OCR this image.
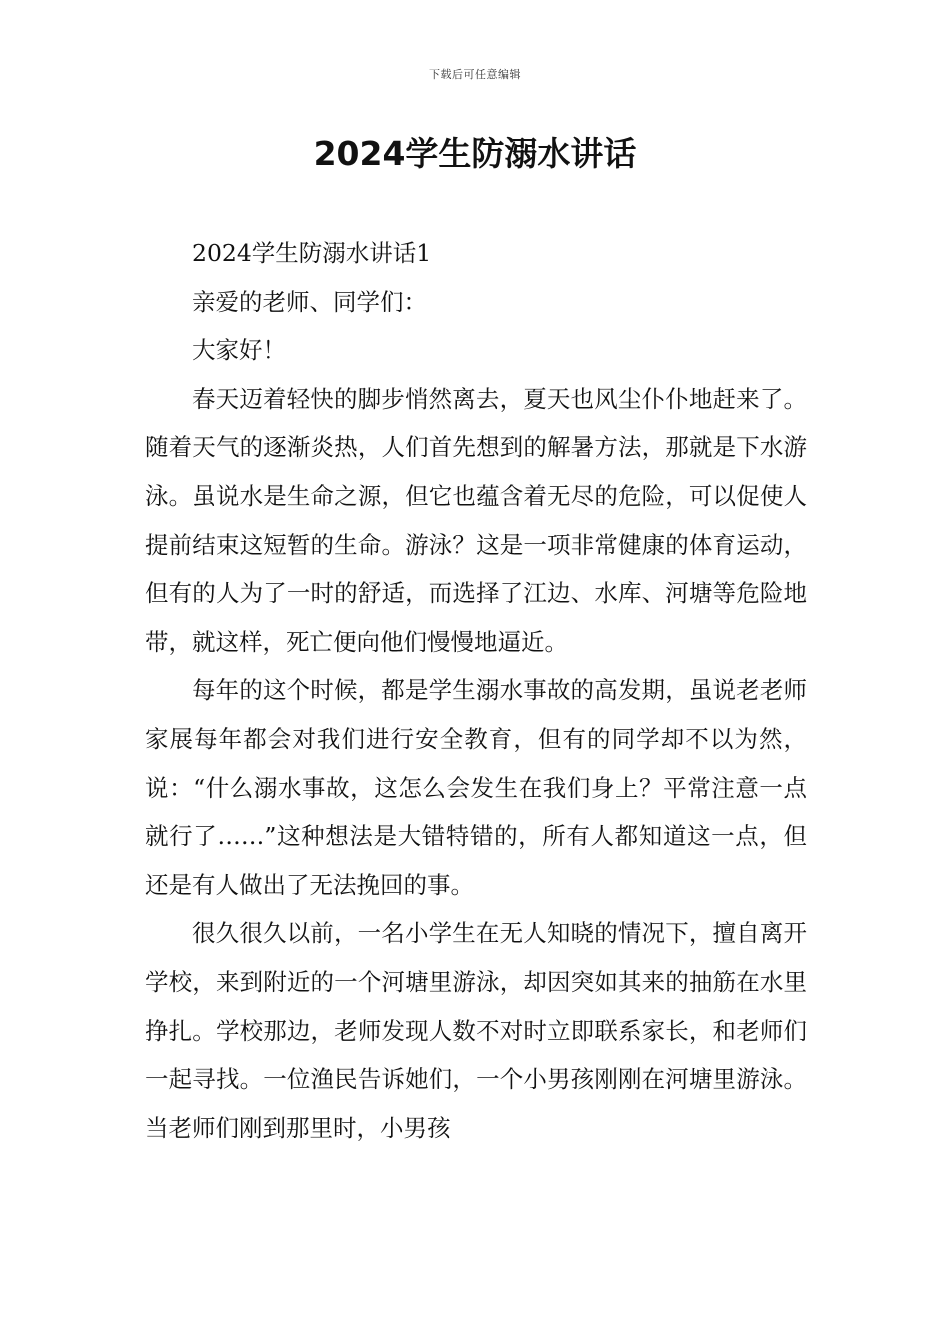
下载后可任意编辑
2024学生防溺水讲话

2024学生防溺水讲话1

亲爱的老师、同学们：

大家好！

春天迈着轻快的脚步悄然离去，夏天也风尘仆仆地赶来了。随着天气的逐渐炎热，人们首先想到的解暑方法，那就是下水游泳。虽说水是生命之源，但它也蕴含着无尽的危险，可以促使人提前结束这短暂的生命。游泳？这是一项非常健康的体育运动，但有的人为了一时的舒适，而选择了江边、水库、河塘等危险地带，就这样，死亡便向他们慢慢地逼近。

每年的这个时候，都是学生溺水事故的高发期，虽说老老师家展每年都会对我们进行安全教育，但有的同学却不以为然，说：“什么溺水事故，这怎么会发生在我们身上？平常注意一点就行了……”这种想法是大错特错的，所有人都知道这一点，但还是有人做出了无法挽回的事。

很久很久以前，一名小学生在无人知晓的情况下，擅自离开学校，来到附近的一个河塘里游泳，却因突如其来的抽筋在水里挣扎。学校那边，老师发现人数不对时立即联系家长，和老师们一起寻找。一位渔民告诉她们，一个小男孩刚刚在河塘里游泳。当老师们刚到那里时，小男孩
